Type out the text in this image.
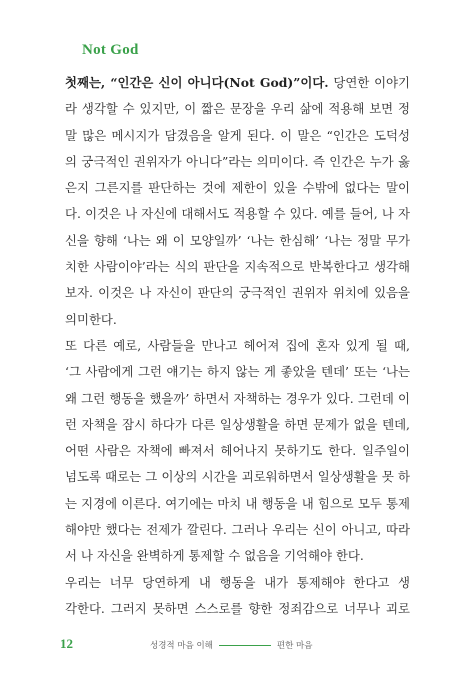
Not God
첫째는, “인간은 신이 아니다(Not God)”이다. 당연한 이야기
라 생각할 수 있지만, 이 짧은 문장을 우리 삶에 적용해 보면 정
말 많은 메시지가 담겼음을 알게 된다. 이 말은 “인간은 도덕성
의 궁극적인 권위자가 아니다”라는 의미이다. 즉 인간은 누가 옳
은지 그른지를 판단하는 것에 제한이 있을 수밖에 없다는 말이
다. 이것은 나 자신에 대해서도 적용할 수 있다. 예를 들어, 나 자
신을 향해 ‘나는 왜 이 모양일까’ ‘나는 한심해’ ‘나는 정말 무가
치한 사람이야’라는 식의 판단을 지속적으로 반복한다고 생각해
보자. 이것은 나 자신이 판단의 궁극적인 권위자 위치에 있음을
의미한다.
또 다른 예로, 사람들을 만나고 헤어져 집에 혼자 있게 될 때,
‘그 사람에게 그런 얘기는 하지 않는 게 좋았을 텐데’ 또는 ‘나는
왜 그런 행동을 했을까’ 하면서 자책하는 경우가 있다. 그런데 이
런 자책을 잠시 하다가 다른 일상생활을 하면 문제가 없을 텐데,
어떤 사람은 자책에 빠져서 헤어나지 못하기도 한다. 일주일이
넘도록 때로는 그 이상의 시간을 괴로워하면서 일상생활을 못 하
는 지경에 이른다. 여기에는 마치 내 행동을 내 힘으로 모두 통제
해야만 했다는 전제가 깔린다. 그러나 우리는 신이 아니고, 따라
서 나 자신을 완벽하게 통제할 수 없음을 기억해야 한다.
우리는 너무 당연하게 내 행동을 내가 통제해야 한다고 생
각한다. 그러지 못하면 스스로를 향한 정죄감으로 너무나 괴로
12	성경적 마음 이해	편한 마음
